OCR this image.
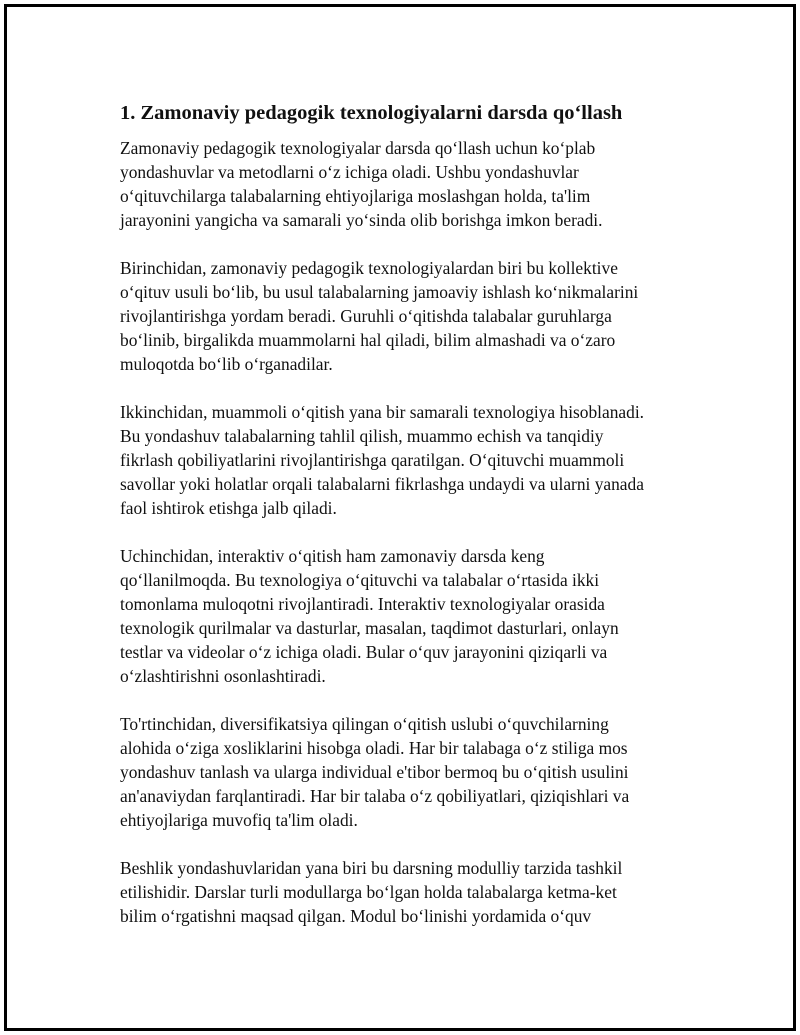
1. Zamonaviy pedagogik texnologiyalarni darsda qo‘llash

Zamonaviy pedagogik texnologiyalar darsda qo‘llash uchun ko‘plab
yondashuvlar va metodlarni o‘z ichiga oladi. Ushbu yondashuvlar
o‘qituvchilarga talabalarning ehtiyojlariga moslashgan holda, ta'lim
jarayonini yangicha va samarali yo‘sinda olib borishga imkon beradi.

Birinchidan, zamonaviy pedagogik texnologiyalardan biri bu kollektive
o‘qituv usuli bo‘lib, bu usul talabalarning jamoaviy ishlash ko‘nikmalarini
rivojlantirishga yordam beradi. Guruhli o‘qitishda talabalar guruhlarga
bo‘linib, birgalikda muammolarni hal qiladi, bilim almashadi va o‘zaro
muloqotda bo‘lib o‘rganadilar.

Ikkinchidan, muammoli o‘qitish yana bir samarali texnologiya hisoblanadi.
Bu yondashuv talabalarning tahlil qilish, muammo echish va tanqidiy
fikrlash qobiliyatlarini rivojlantirishga qaratilgan. O‘qituvchi muammoli
savollar yoki holatlar orqali talabalarni fikrlashga undaydi va ularni yanada
faol ishtirok etishga jalb qiladi.

Uchinchidan, interaktiv o‘qitish ham zamonaviy darsda keng
qo‘llanilmoqda. Bu texnologiya o‘qituvchi va talabalar o‘rtasida ikki
tomonlama muloqotni rivojlantiradi. Interaktiv texnologiyalar orasida
texnologik qurilmalar va dasturlar, masalan, taqdimot dasturlari, onlayn
testlar va videolar o‘z ichiga oladi. Bular o‘quv jarayonini qiziqarli va
o‘zlashtirishni osonlashtiradi.

To'rtinchidan, diversifikatsiya qilingan o‘qitish uslubi o‘quvchilarning
alohida o‘ziga xosliklarini hisobga oladi. Har bir talabaga o‘z stiliga mos
yondashuv tanlash va ularga individual e'tibor bermoq bu o‘qitish usulini
an'anaviydan farqlantiradi. Har bir talaba o‘z qobiliyatlari, qiziqishlari va
ehtiyojlariga muvofiq ta'lim oladi.

Beshlik yondashuvlaridan yana biri bu darsning modulliy tarzida tashkil
etilishidir. Darslar turli modullarga bo‘lgan holda talabalarga ketma-ket
bilim o‘rgatishni maqsad qilgan. Modul bo‘linishi yordamida o‘quv
